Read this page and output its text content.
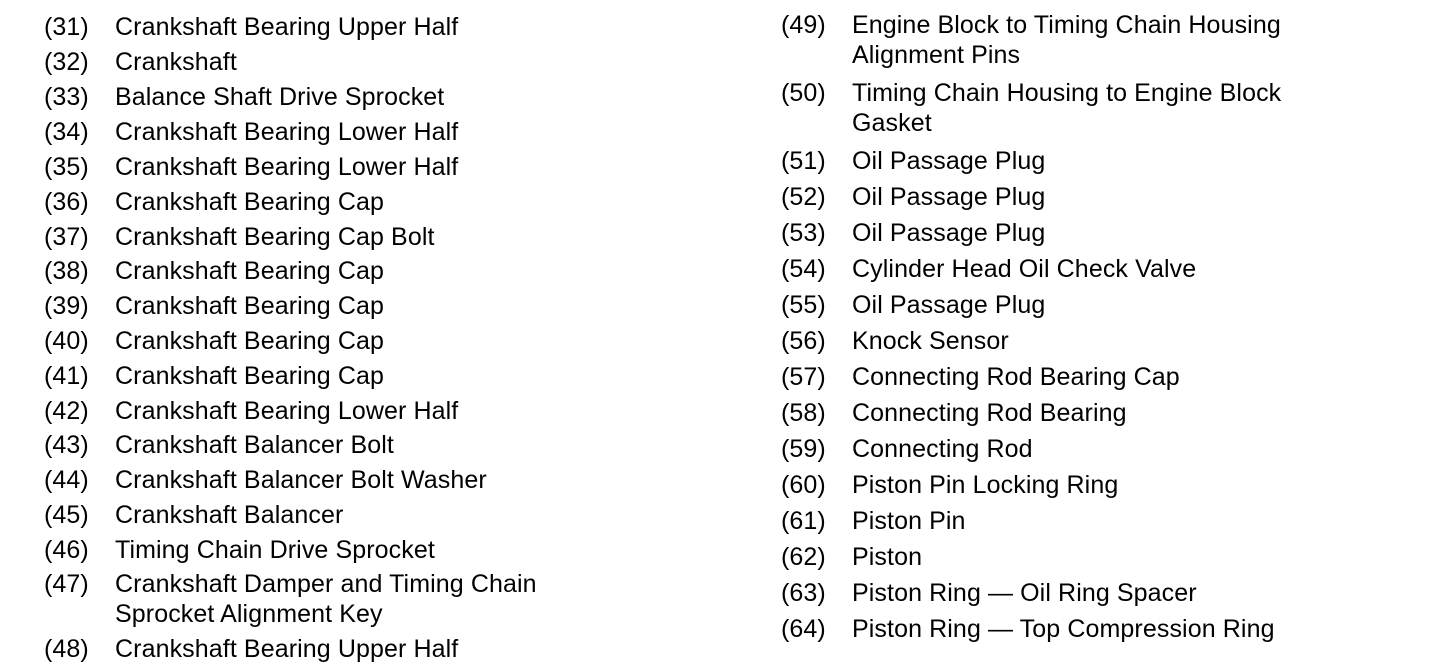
(31)	Crankshaft Bearing Upper Half
(32)	Crankshaft
(33)	Balance Shaft Drive Sprocket
(34)	Crankshaft Bearing Lower Half
(35)	Crankshaft Bearing Lower Half
(36)	Crankshaft Bearing Cap
(37)	Crankshaft Bearing Cap Bolt
(38)	Crankshaft Bearing Cap
(39)	Crankshaft Bearing Cap
(40)	Crankshaft Bearing Cap
(41)	Crankshaft Bearing Cap
(42)	Crankshaft Bearing Lower Half
(43)	Crankshaft Balancer Bolt
(44)	Crankshaft Balancer Bolt Washer
(45)	Crankshaft Balancer
(46)	Timing Chain Drive Sprocket
(47)	Crankshaft Damper and Timing Chain
Sprocket Alignment Key
(48)	Crankshaft Bearing Upper Half
(49)	Engine Block to Timing Chain Housing
Alignment Pins
(50)	Timing Chain Housing to Engine Block
Gasket
(51)	Oil Passage Plug
(52)	Oil Passage Plug
(53)	Oil Passage Plug
(54)	Cylinder Head Oil Check Valve
(55)	Oil Passage Plug
(56)	Knock Sensor
(57)	Connecting Rod Bearing Cap
(58)	Connecting Rod Bearing
(59)	Connecting Rod
(60)	Piston Pin Locking Ring
(61)	Piston Pin
(62)	Piston
(63)	Piston Ring — Oil Ring Spacer
(64)	Piston Ring — Top Compression Ring
